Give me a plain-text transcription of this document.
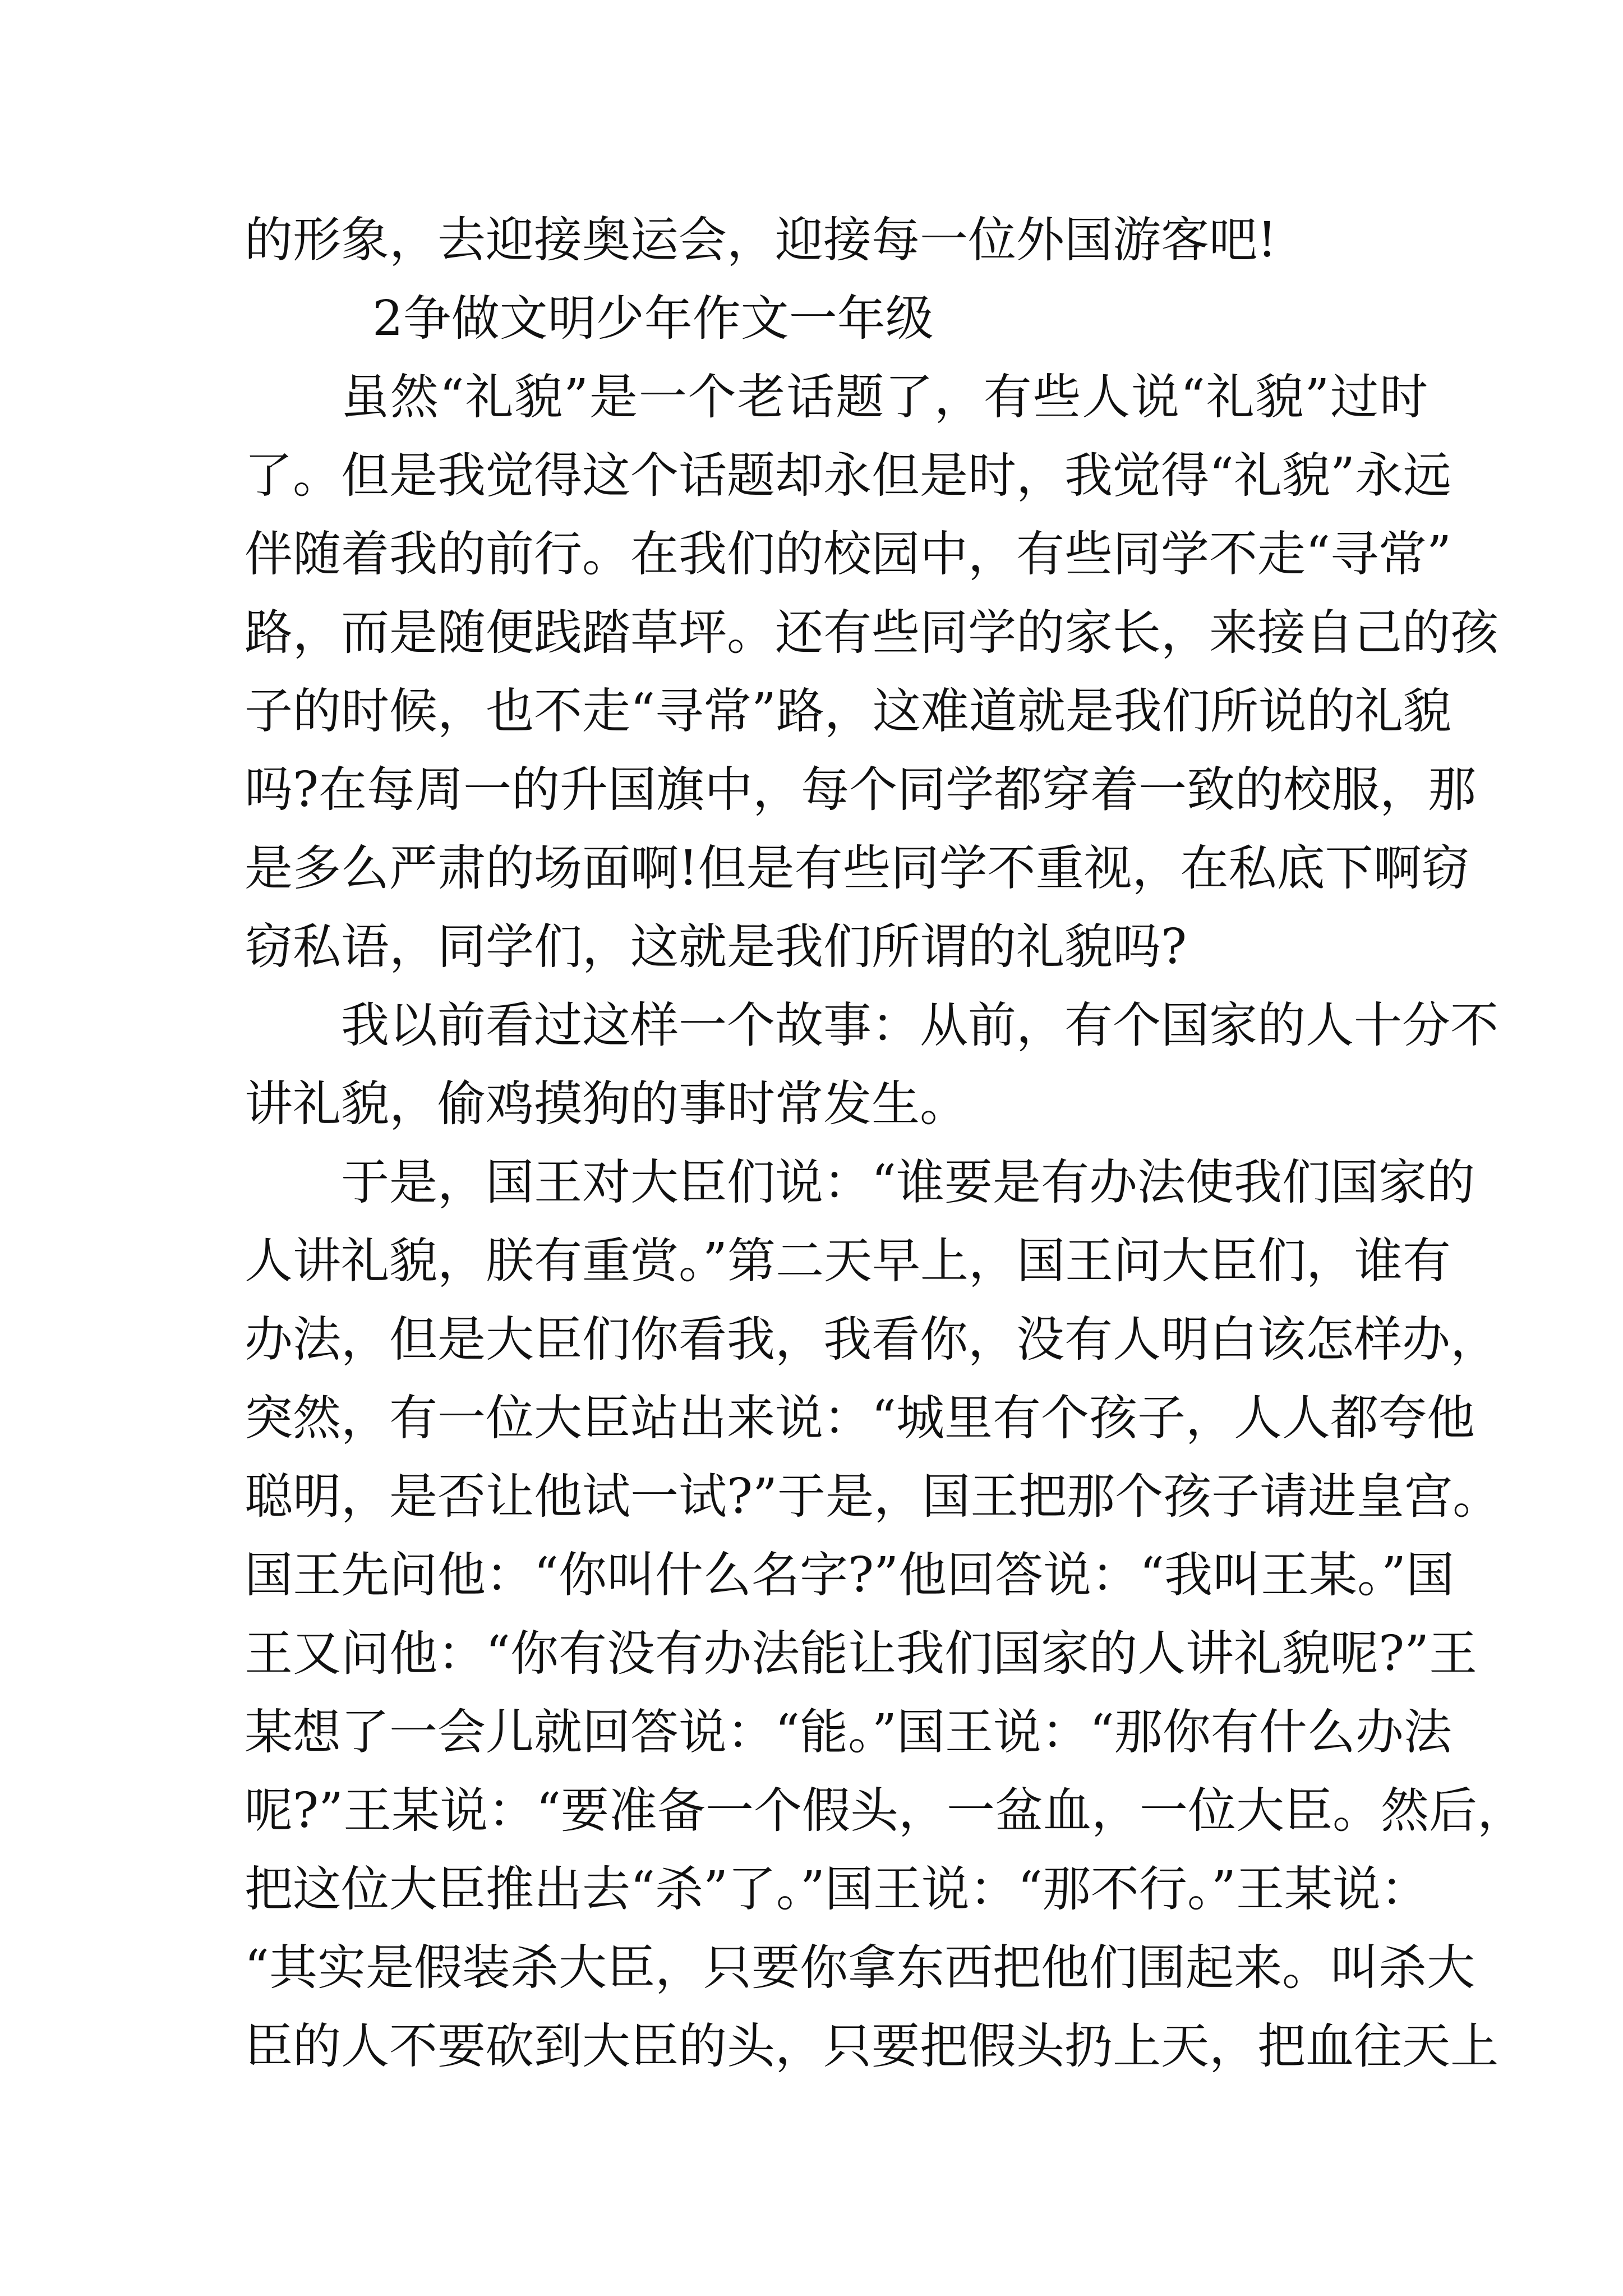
的形象，去迎接奥运会，迎接每一位外国游客吧!
2争做文明少年作文一年级
虽然“礼貌”是一个老话题了，有些人说“礼貌”过时
了。但是我觉得这个话题却永但是时，我觉得“礼貌”永远
伴随着我的前行。在我们的校园中，有些同学不走“寻常”
路，而是随便践踏草坪。还有些同学的家长，来接自己的孩
子的时候，也不走“寻常”路，这难道就是我们所说的礼貌
吗?在每周一的升国旗中，每个同学都穿着一致的校服，那
是多么严肃的场面啊!但是有些同学不重视，在私底下啊窃
窃私语，同学们，这就是我们所谓的礼貌吗?
我以前看过这样一个故事：从前，有个国家的人十分不
讲礼貌，偷鸡摸狗的事时常发生。
于是，国王对大臣们说：“谁要是有办法使我们国家的
人讲礼貌，朕有重赏。”第二天早上，国王问大臣们，谁有
办法，但是大臣们你看我，我看你，没有人明白该怎样办，
突然，有一位大臣站出来说：“城里有个孩子，人人都夸他
聪明，是否让他试一试?”于是，国王把那个孩子请进皇宫。
国王先问他：“你叫什么名字?”他回答说：“我叫王某。”国
王又问他：“你有没有办法能让我们国家的人讲礼貌呢?”王
某想了一会儿就回答说：“能。”国王说：“那你有什么办法
呢?”王某说：“要准备一个假头，一盆血，一位大臣。然后，
把这位大臣推出去“杀”了。”国王说：“那不行。”王某说：
“其实是假装杀大臣，只要你拿东西把他们围起来。叫杀大
臣的人不要砍到大臣的头，只要把假头扔上天，把血往天上
